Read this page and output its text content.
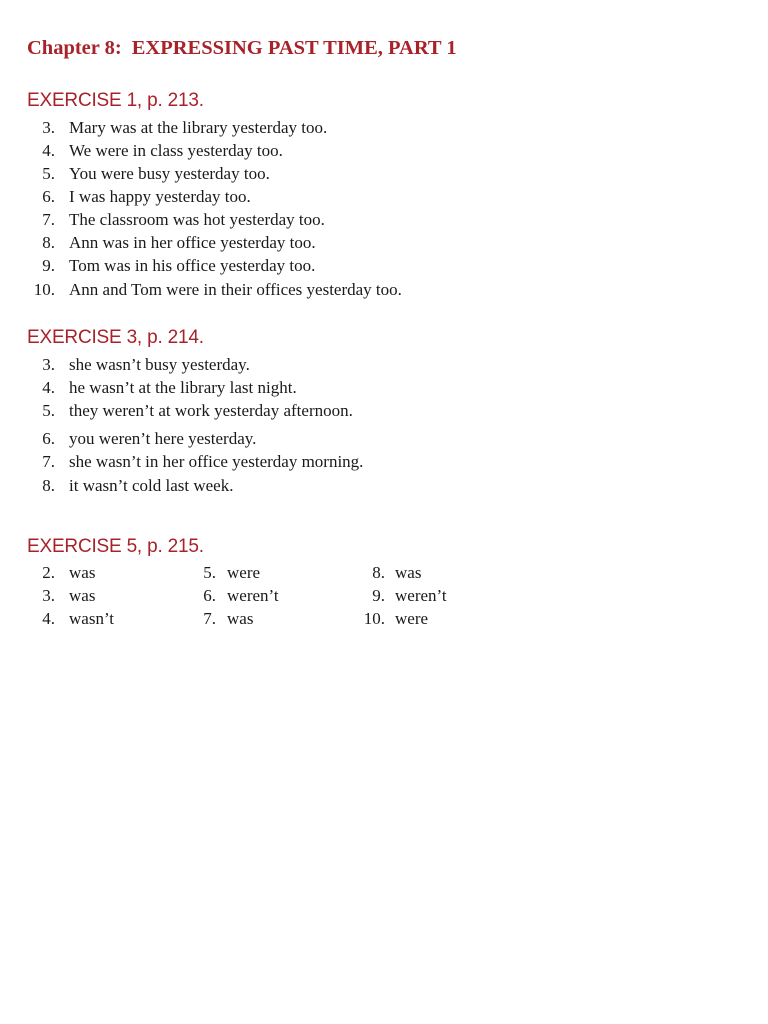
Chapter 8: EXPRESSING PAST TIME, PART 1
EXERCISE 1, p. 213.
3. Mary was at the library yesterday too.
4. We were in class yesterday too.
5. You were busy yesterday too.
6. I was happy yesterday too.
7. The classroom was hot yesterday too.
8. Ann was in her office yesterday too.
9. Tom was in his office yesterday too.
10. Ann and Tom were in their offices yesterday too.
EXERCISE 3, p. 214.
3. she wasn’t busy yesterday.
4. he wasn’t at the library last night.
5. they weren’t at work yesterday afternoon.
6. you weren’t here yesterday.
7. she wasn’t in her office yesterday morning.
8. it wasn’t cold last week.
EXERCISE 5, p. 215.
2. was
3. was
4. wasn’t
5. were
6. weren’t
7. was
8. was
9. weren’t
10. were
